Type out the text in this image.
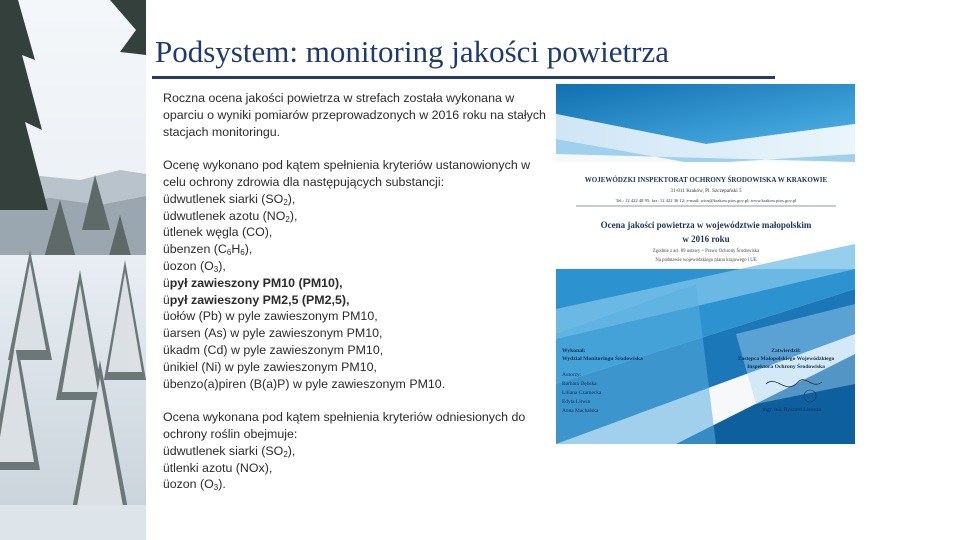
Podsystem: monitoring jakości powietrza

Roczna ocena jakości powietrza w strefach została wykonana w oparciu o wyniki pomiarów przeprowadzonych w 2016 roku na stałych stacjach monitoringu.

Ocenę wykonano pod kątem spełnienia kryteriów ustanowionych w celu ochrony zdrowia dla następujących substancji:

üdwutlenek siarki $(SO_2)$,

üdwutlenek azotu $(NO_2)$,

ütlenek węgla (CO),

übenzen $(C_6H_6)$,

üozon $(O_3)$,

üpył zawieszony PM10 (PM10),

üpył zawieszony PM2,5 (PM2,5),

üołów (Pb) w pyle zawieszonym PM10,

üarsen (As) w pyle zawieszonym PM10,

ükadm (Cd) w pyle zawieszonym PM10,

ünikiel (Ni) w pyle zawieszonym PM10,

übenzo(a)piren (B(a)P) w pyle zawieszonym PM10.

Ocena wykonana pod kątem spełnienia kryteriów odniesionych do ochrony roślin obejmuje:

üdwutlenek siarki $(SO_2)$,

ütlenki azotu (NOx),

üozon $(O_3)$.

WOJEWÓDZKI INSPEKTORAT OCHRONY ŚRODOWISKA W KRAKOWIE
31-011 Kraków, Pl. Szczepański 5
Tel.: 12 422 48 95; fax: 12 422 36 12; e-mail: wios@krakow.pios.gov.pl; www.krakow.pios.gov.pl
Ocena jakości powietrza w województwie małopolskim
w 2016 roku
Zgodnie z art. 89 ustawy – Prawo Ochrony Środowiska
Na podstawie wojewódzkiego planu krajowego i UE
Wykonał:
Wydział Monitoringu Środowiska
Autorzy:
Barbara Dębska
Liliana Czarnecka
Edyta Litwin
Anna Machalska
Zatwierdził:
Zastępca Małopolskiego Wojewódzkiego
Inspektora Ochrony Środowiska
mgr. inż. Ryszard Listwan
